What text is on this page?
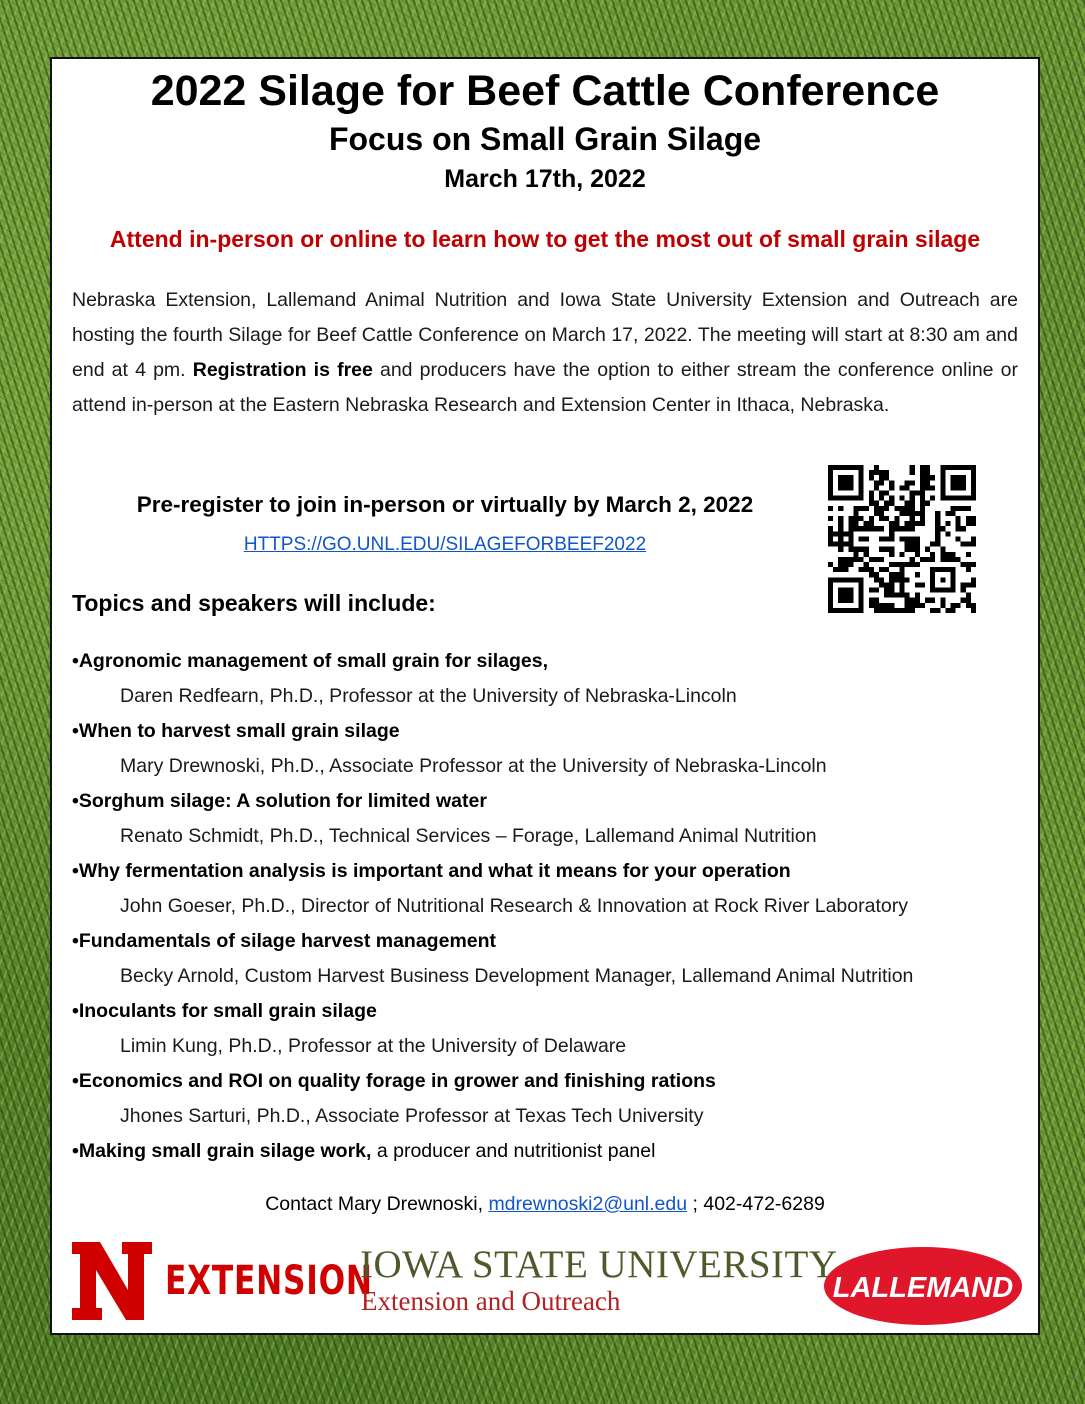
2022 Silage for Beef Cattle Conference
Focus on Small Grain Silage
March 17th, 2022
Attend in-person or online to learn how to get the most out of small grain silage

Nebraska Extension, Lallemand Animal Nutrition and Iowa State University Extension and Outreach are hosting the fourth Silage for Beef Cattle Conference on March 17, 2022. The meeting will start at 8:30 am and end at 4 pm. Registration is free and producers have the option to either stream the conference online or attend in-person at the Eastern Nebraska Research and Extension Center in Ithaca, Nebraska.

Pre-register to join in-person or virtually by March 2, 2022
HTTPS://GO.UNL.EDU/SILAGEFORBEEF2022
Topics and speakers will include:
•Agronomic management of small grain for silages,
Daren Redfearn, Ph.D., Professor at the University of Nebraska-Lincoln
•When to harvest small grain silage
Mary Drewnoski, Ph.D., Associate Professor at the University of Nebraska-Lincoln
•Sorghum silage: A solution for limited water
Renato Schmidt, Ph.D., Technical Services – Forage, Lallemand Animal Nutrition
•Why fermentation analysis is important and what it means for your operation
John Goeser, Ph.D., Director of Nutritional Research & Innovation at Rock River Laboratory
•Fundamentals of silage harvest management
Becky Arnold, Custom Harvest Business Development Manager, Lallemand Animal Nutrition
•Inoculants for small grain silage
Limin Kung, Ph.D., Professor at the University of Delaware
•Economics and ROI on quality forage in grower and finishing rations
Jhones Sarturi, Ph.D., Associate Professor at Texas Tech University
•Making small grain silage work, a producer and nutritionist panel
Contact Mary Drewnoski, mdrewnoski2@unl.edu ; 402-472-6289
EXTENSION
IOWA STATE UNIVERSITY
Extension and Outreach	LALLEMAND
